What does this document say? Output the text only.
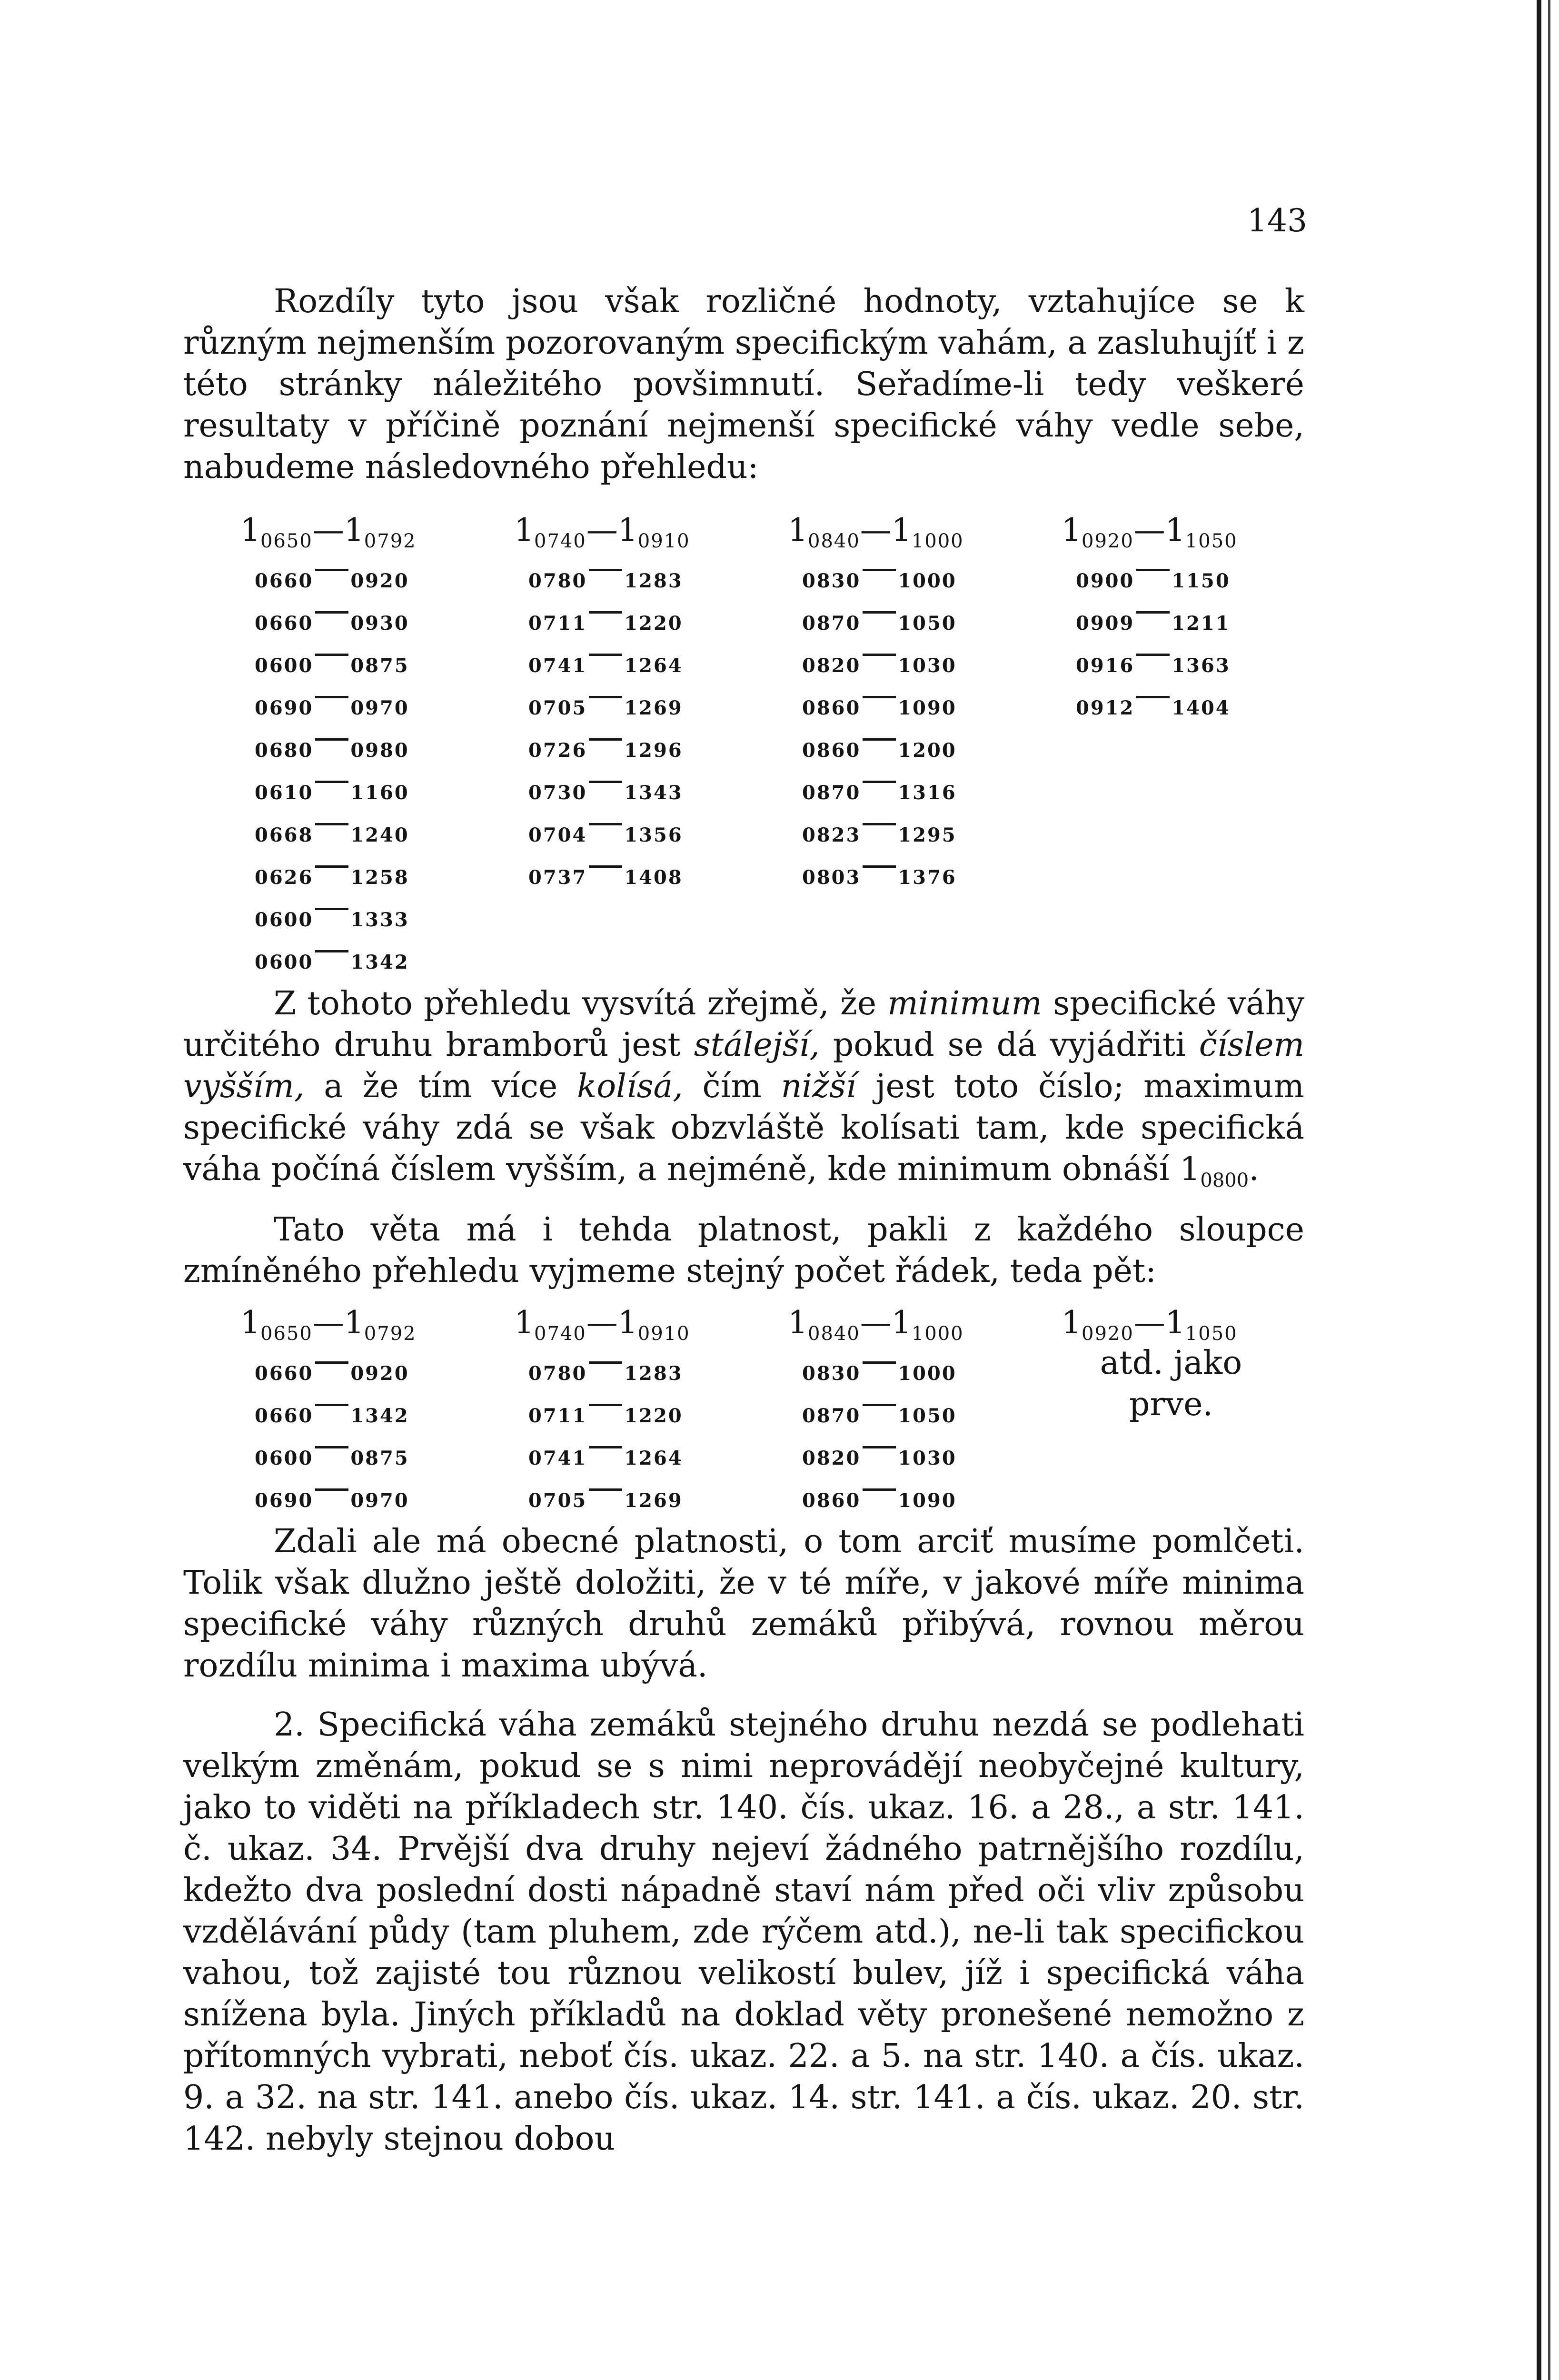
143

Rozdíly tyto jsou však rozličné hodnoty, vztahujíce se k různým nejmenším pozorovaným specifickým vahám, a zasluhujíť i z této stránky náležitého povšimnutí. Seřadíme-li tedy veškeré resultaty v příčině poznání nejmenší specifické váhy vedle sebe, nabudeme následovného přehledu:

$1_{0650}—1_{0792}$
0660 0920
0660 0930
0600 0875
0690 0970
0680 0980
0610 1160
0668 1240
0626 1258
0600 1333
0600 1342
$1_{0740}—1_{0910}$
0780 1283
0711 1220
0741 1264
0705 1269
0726 1296
0730 1343
0704 1356
0737 1408
$1_{0840}—1_{1000}$
0830 1000
0870 1050
0820 1030
0860 1090
0860 1200
0870 1316
0823 1295
0803 1376
$1_{0920}—1_{1050}$
0900 1150
0909 1211
0916 1363
0912 1404

Z tohoto přehledu vysvítá zřejmě, že minimum specifické váhy určitého druhu bramborů jest stálejší, pokud se dá vyjádřiti číslem vyšším, a že tím více kolísá, čím nižší jest toto číslo; maximum specifické váhy zdá se však obzvláště kolísati tam, kde specifická váha počíná číslem vyšším, a nejméně, kde minimum obnáší $1_{0800}$.

Tato věta má i tehda platnost, pakli z každého sloupce zmíněného přehledu vyjmeme stejný počet řádek, teda pět:

$1_{0650}—1_{0792}$
0660 0920
0660 1342
0600 0875
0690 0970
$1_{0740}—1_{0910}$
0780 1283
0711 1220
0741 1264
0705 1269
$1_{0840}—1_{1000}$
0830 1000
0870 1050
0820 1030
0860 1090
$1_{0920}—1_{1050}$
atd. jako
prve.

Zdali ale má obecné platnosti, o tom arciť musíme pomlčeti. Tolik však dlužno ještě doložiti, že v té míře, v jakové míře minima specifické váhy různých druhů zemáků přibývá, rovnou měrou rozdílu minima i maxima ubývá.

2. Specifická váha zemáků stejného druhu nezdá se podlehati velkým změnám, pokud se s nimi neprovádějí neobyčejné kultury, jako to viděti na příkladech str. 140. čís. ukaz. 16. a 28., a str. 141. č. ukaz. 34. Prvější dva druhy nejeví žádného patrnějšího rozdílu, kdežto dva poslední dosti nápadně staví nám před oči vliv způsobu vzdělávání půdy (tam pluhem, zde rýčem atd.), ne-li tak specifickou vahou, tož zajisté tou různou velikostí bulev, jíž i specifická váha snížena byla. Jiných příkladů na doklad věty pronešené nemožno z přítomných vybrati, neboť čís. ukaz. 22. a 5. na str. 140. a čís. ukaz. 9. a 32. na str. 141. anebo čís. ukaz. 14. str. 141. a čís. ukaz. 20. str. 142. nebyly stejnou dobou
